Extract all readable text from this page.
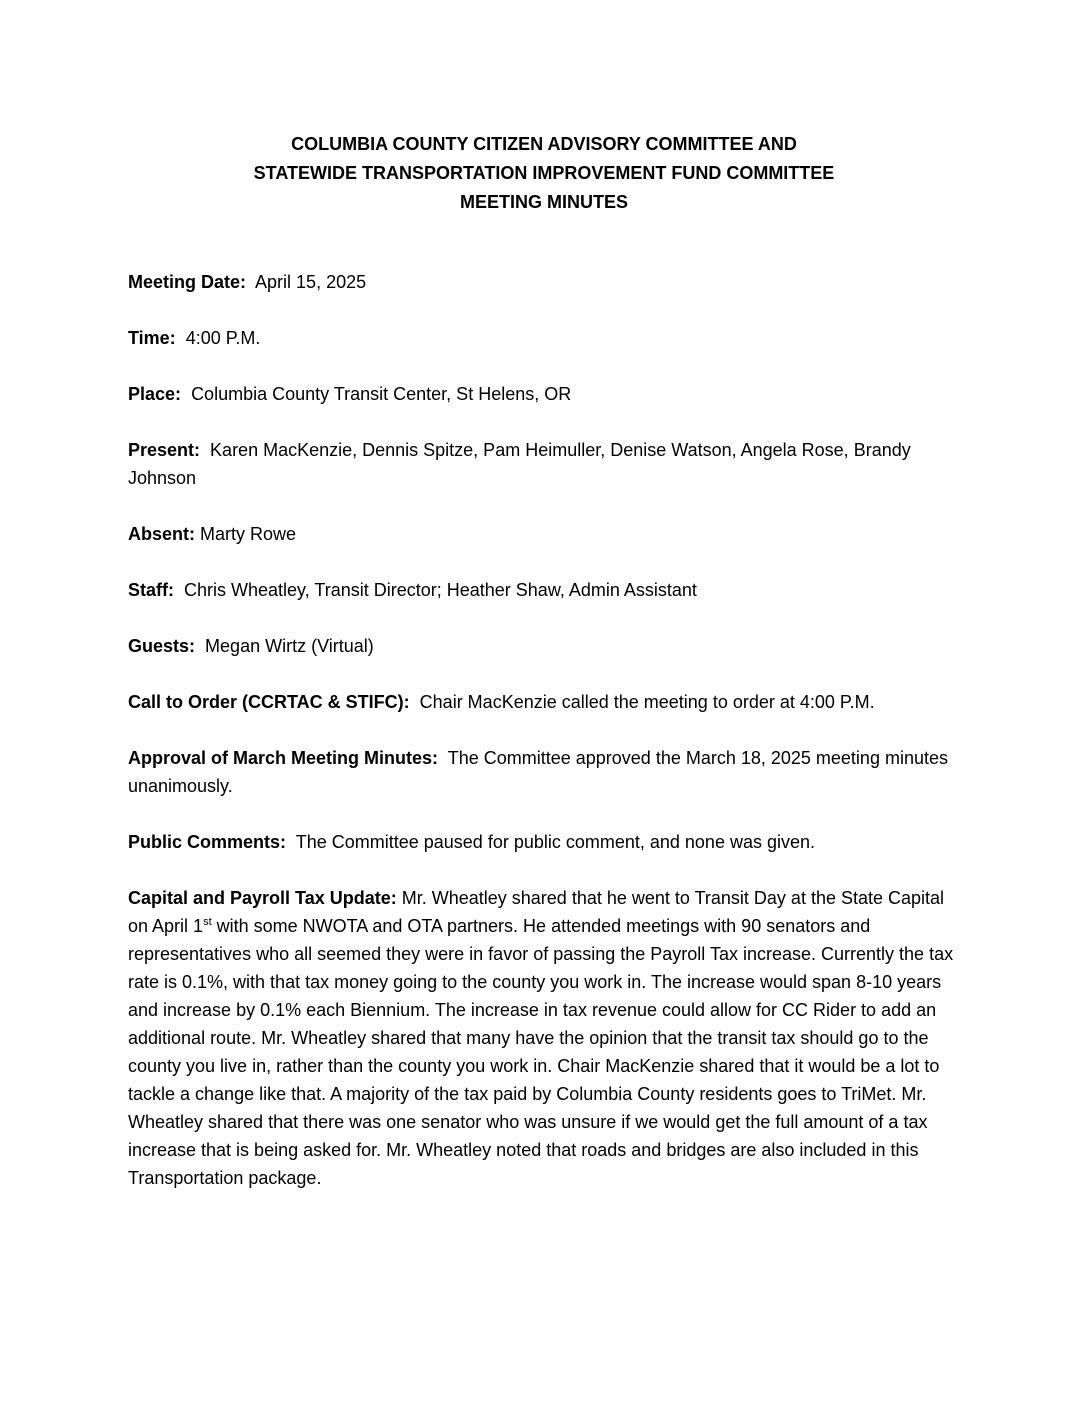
COLUMBIA COUNTY CITIZEN ADVISORY COMMITTEE AND
STATEWIDE TRANSPORTATION IMPROVEMENT FUND COMMITTEE
MEETING MINUTES

Meeting Date: April 15, 2025

Time: 4:00 P.M.

Place: Columbia County Transit Center, St Helens, OR

Present: Karen MacKenzie, Dennis Spitze, Pam Heimuller, Denise Watson, Angela Rose, Brandy Johnson

Absent: Marty Rowe

Staff: Chris Wheatley, Transit Director; Heather Shaw, Admin Assistant

Guests: Megan Wirtz (Virtual)

Call to Order (CCRTAC & STIFC): Chair MacKenzie called the meeting to order at 4:00 P.M.

Approval of March Meeting Minutes: The Committee approved the March 18, 2025 meeting minutes unanimously.

Public Comments: The Committee paused for public comment, and none was given.

Capital and Payroll Tax Update: Mr. Wheatley shared that he went to Transit Day at the State Capital on April 1st with some NWOTA and OTA partners. He attended meetings with 90 senators and representatives who all seemed they were in favor of passing the Payroll Tax increase. Currently the tax rate is 0.1%, with that tax money going to the county you work in. The increase would span 8-10 years and increase by 0.1% each Biennium. The increase in tax revenue could allow for CC Rider to add an additional route. Mr. Wheatley shared that many have the opinion that the transit tax should go to the county you live in, rather than the county you work in. Chair MacKenzie shared that it would be a lot to tackle a change like that. A majority of the tax paid by Columbia County residents goes to TriMet. Mr. Wheatley shared that there was one senator who was unsure if we would get the full amount of a tax increase that is being asked for. Mr. Wheatley noted that roads and bridges are also included in this Transportation package.
